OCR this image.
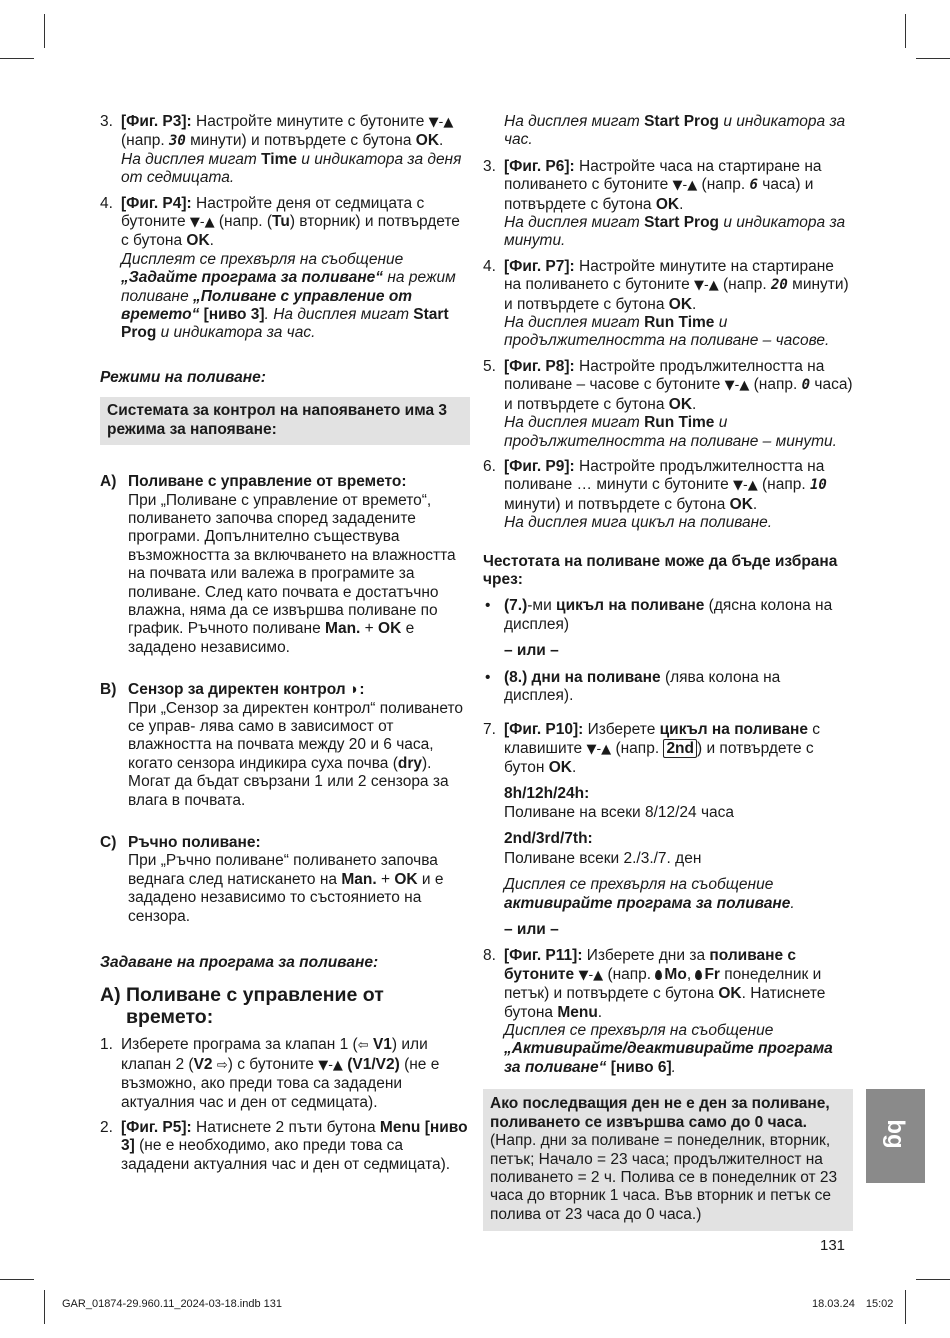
3. [Фиг. P3]: Настройте минутите с бутоните ▼-▲ (напр. 30 минути) и потвърдете с бутона OK.
На дисплея мигат Time и индикатора за деня от седмицата.
4. [Фиг. P4]: Настройте деня от седмицата с бутоните ▼-▲ (напр. (Tu) вторник) и потвърдете с бутона OK.
Дисплеят се прехвърля на съобщение „Задайте програма за поливане“ на режим поливане „Поливане с управление от времето“ [ниво 3]. На дисплея мигат Start Prog и индикатора за час.
Режими на поливане:
Системата за контрол на напояването има 3 режима за напояване:
A) Поливане с управление от времето:
При „Поливане с управление от времето“, поливането започва според зададените програми. Допълнително съществува възможността за включването на влажността на почвата или валежа в програмите за поливане. След като почвата е достатъчно влажна, няма да се извършва поливане по график. Ръчното поливане Man. + OK е зададено независимо.
B) Сензор за директен контрол ◗:
При „Сензор за директен контрол“ поливането се управ- лява само в зависимост от влажността на почвата между 20 и 6 часа, когато сензора индикира суха почва (dry). Могат да бъдат свързани 1 или 2 сензора за влага в почвата.
C) Ръчно поливане:
При „Ръчно поливане“ поливането започва веднага след натискането на Man. + OK и е зададено независимо то състоянието на сензора.
Задаване на програма за поливане:
A) Поливане с управление от времето:
1. Изберете програма за клапан 1 (⇦ V1) или клапан 2 (V2 ⇨) с бутоните ▼-▲ (V1/V2) (не е възможно, ако преди това са зададени актуалния час и ден от седмицата).
2. [Фиг. P5]: Натиснете 2 пъти бутона Menu [ниво 3] (не е необходимо, ако преди това са зададени актуалния час и ден от седмицата).
На дисплея мигат Start Prog и индикатора за час.
3. [Фиг. P6]: Настройте часа на стартиране на поливането с бутоните ▼-▲ (напр. 6 часа) и потвърдете с бутона OK.
На дисплея мигат Start Prog и индикатора за минути.
4. [Фиг. P7]: Настройте минутите на стартиране на поливането с бутоните ▼-▲ (напр. 20 минути) и потвърдете с бутона OK.
На дисплея мигат Run Time и продължителността на поливане – часове.
5. [Фиг. P8]: Настройте продължителността на поливане – часове с бутоните ▼-▲ (напр. 0 часа) и потвърдете с бутона OK.
На дисплея мигат Run Time и продължителността на поливане – минути.
6. [Фиг. P9]: Настройте продължителността на поливане … минути с бутоните ▼-▲ (напр. 10 минути) и потвърдете с бутона OK.
На дисплея мига цикъл на поливане.
Честотата на поливане може да бъде избрана чрез:
• (7.)-ми цикъл на поливане (дясна колона на дисплея)
– или –
• (8.) дни на поливане (лява колона на дисплея).
7. [Фиг. P10]: Изберете цикъл на поливане с клавишите ▼-▲ (напр. 2nd ) и потвърдете с бутон OK.
8h/12h/24h:
Поливане на всеки 8/12/24 часа
2nd/3rd/7th:
Поливане всеки 2./3./7. ден
Дисплея се прехвърля на съобщение активирайте програма за поливане.
– или –
8. [Фиг. P11]: Изберете дни за поливане с бутоните ▼-▲ (напр. Mo, Fr понеделник и петък) и потвърдете с бутона OK. Натиснете бутона Menu.
Дисплея се прехвърля на съобщение „Активирайте/деактивирайте програма за поливане“ [ниво 6].
Ако последващия ден не е ден за поливане, поливането се извършва само до 0 часа. (Напр. дни за поливане = понеделник, вторник, петък; Начало = 23 часа; продължителност на поливането = 2 ч. Полива се в понеделник от 23 часа до вторник 1 часа. Във вторник и петък се полива от 23 часа до 0 часа.)
bg
131
GAR_01874-29.960.11_2024-03-18.indb 131	18.03.24 15:02
